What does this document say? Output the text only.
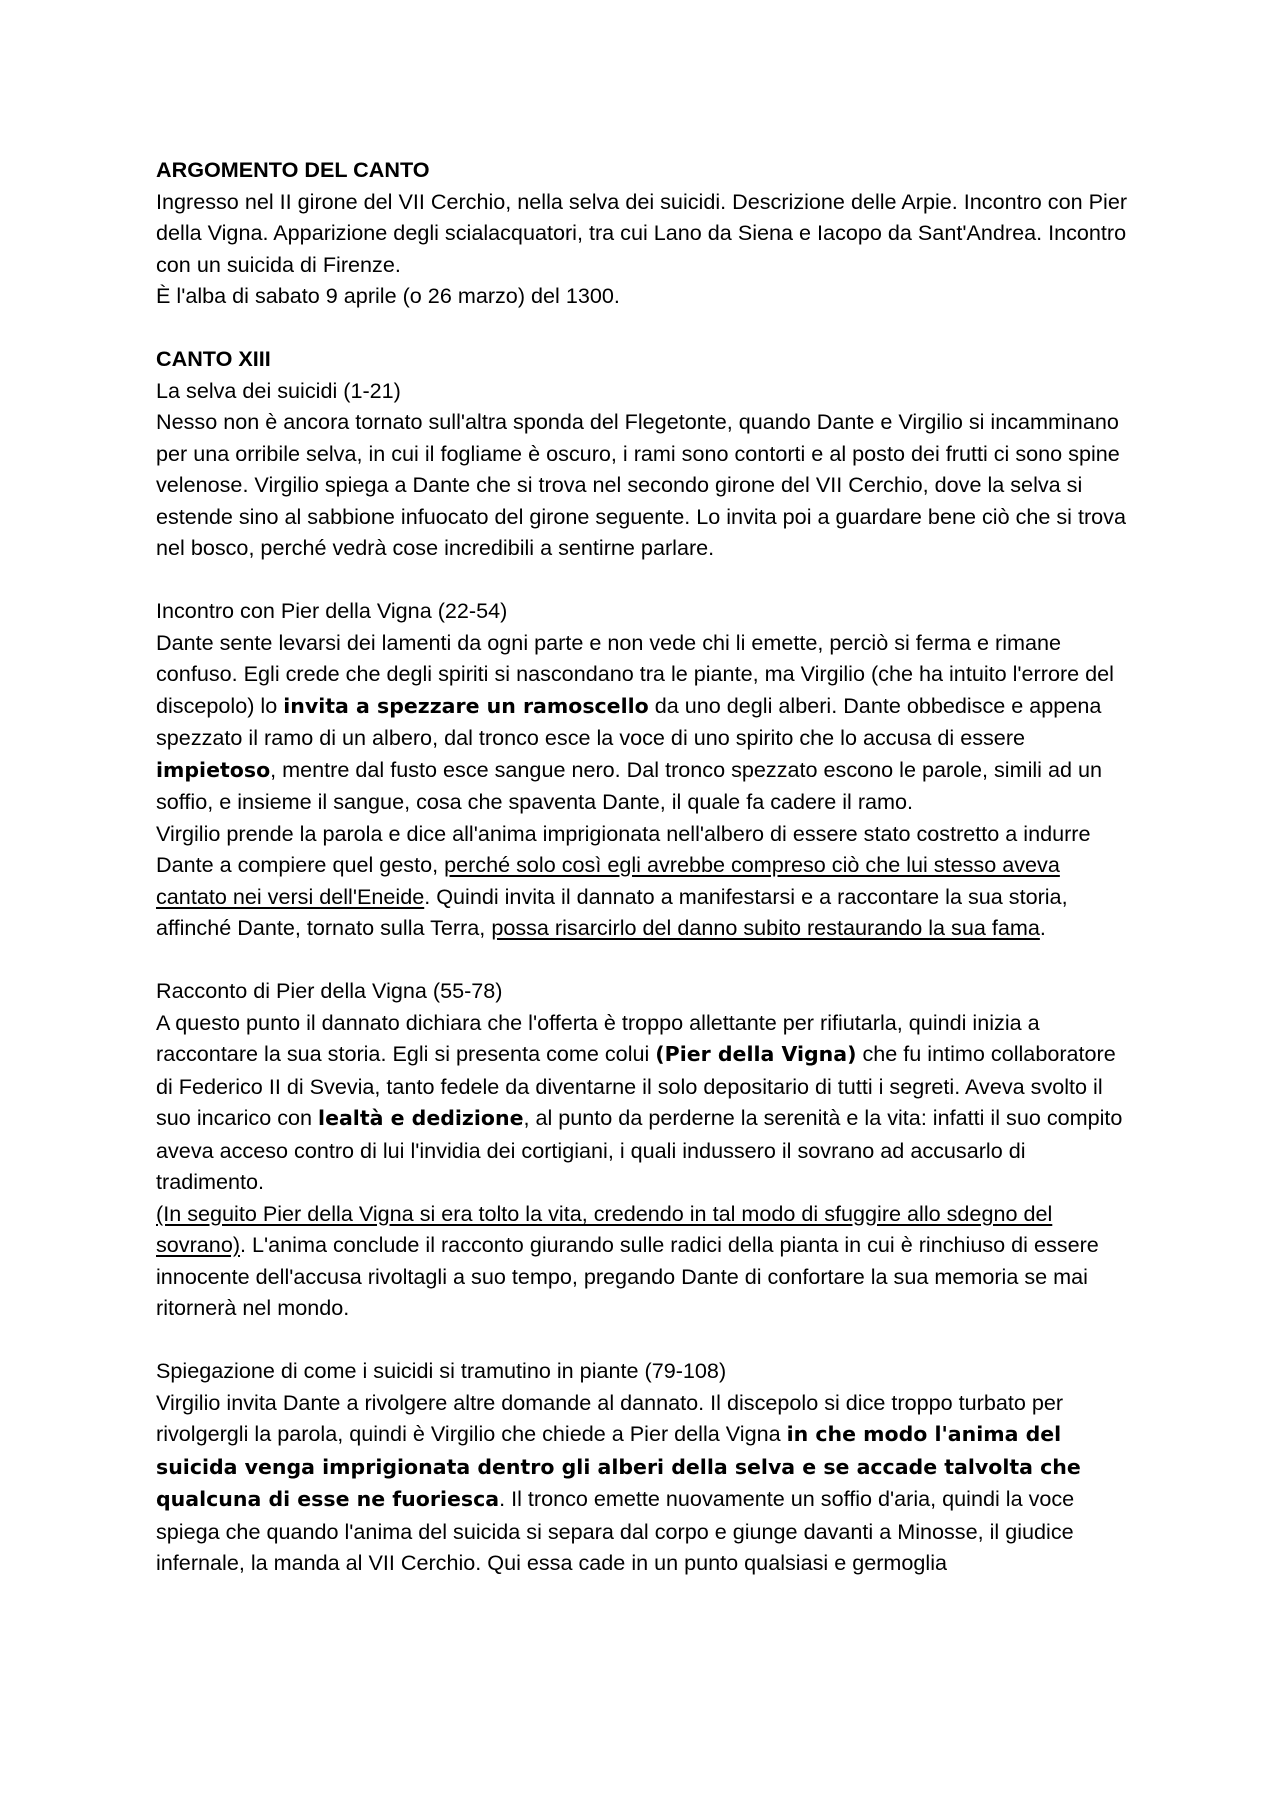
ARGOMENTO DEL CANTO

Ingresso nel II girone del VII Cerchio, nella selva dei suicidi. Descrizione delle Arpie. Incontro con Pier della Vigna. Apparizione degli scialacquatori, tra cui Lano da Siena e Iacopo da Sant'Andrea. Incontro con un suicida di Firenze.

È l'alba di sabato 9 aprile (o 26 marzo) del 1300.

CANTO XIII
La selva dei suicidi (1-21)

Nesso non è ancora tornato sull'altra sponda del Flegetonte, quando Dante e Virgilio si incamminano per una orribile selva, in cui il fogliame è oscuro, i rami sono contorti e al posto dei frutti ci sono spine velenose. Virgilio spiega a Dante che si trova nel secondo girone del VII Cerchio, dove la selva si estende sino al sabbione infuocato del girone seguente. Lo invita poi a guardare bene ciò che si trova nel bosco, perché vedrà cose incredibili a sentirne parlare.

Incontro con Pier della Vigna (22-54)

Dante sente levarsi dei lamenti da ogni parte e non vede chi li emette, perciò si ferma e rimane confuso. Egli crede che degli spiriti si nascondano tra le piante, ma Virgilio (che ha intuito l'errore del discepolo) lo invita a spezzare un ramoscello da uno degli alberi. Dante obbedisce e appena spezzato il ramo di un albero, dal tronco esce la voce di uno spirito che lo accusa di essere impietoso, mentre dal fusto esce sangue nero. Dal tronco spezzato escono le parole, simili ad un soffio, e insieme il sangue, cosa che spaventa Dante, il quale fa cadere il ramo.

Virgilio prende la parola e dice all'anima imprigionata nell'albero di essere stato costretto a indurre Dante a compiere quel gesto, perché solo così egli avrebbe compreso ciò che lui stesso aveva cantato nei versi dell'Eneide. Quindi invita il dannato a manifestarsi e a raccontare la sua storia, affinché Dante, tornato sulla Terra, possa risarcirlo del danno subito restaurando la sua fama.

Racconto di Pier della Vigna (55-78)

A questo punto il dannato dichiara che l'offerta è troppo allettante per rifiutarla, quindi inizia a raccontare la sua storia. Egli si presenta come colui (Pier della Vigna) che fu intimo collaboratore di Federico II di Svevia, tanto fedele da diventarne il solo depositario di tutti i segreti. Aveva svolto il suo incarico con lealtà e dedizione, al punto da perderne la serenità e la vita: infatti il suo compito aveva acceso contro di lui l'invidia dei cortigiani, i quali indussero il sovrano ad accusarlo di tradimento.

(In seguito Pier della Vigna si era tolto la vita, credendo in tal modo di sfuggire allo sdegno del sovrano). L'anima conclude il racconto giurando sulle radici della pianta in cui è rinchiuso di essere innocente dell'accusa rivoltagli a suo tempo, pregando Dante di confortare la sua memoria se mai ritornerà nel mondo.

Spiegazione di come i suicidi si tramutino in piante (79-108)

Virgilio invita Dante a rivolgere altre domande al dannato. Il discepolo si dice troppo turbato per rivolgergli la parola, quindi è Virgilio che chiede a Pier della Vigna in che modo l'anima del suicida venga imprigionata dentro gli alberi della selva e se accade talvolta che qualcuna di esse ne fuoriesca. Il tronco emette nuovamente un soffio d'aria, quindi la voce spiega che quando l'anima del suicida si separa dal corpo e giunge davanti a Minosse, il giudice infernale, la manda al VII Cerchio. Qui essa cade in un punto qualsiasi e germoglia
